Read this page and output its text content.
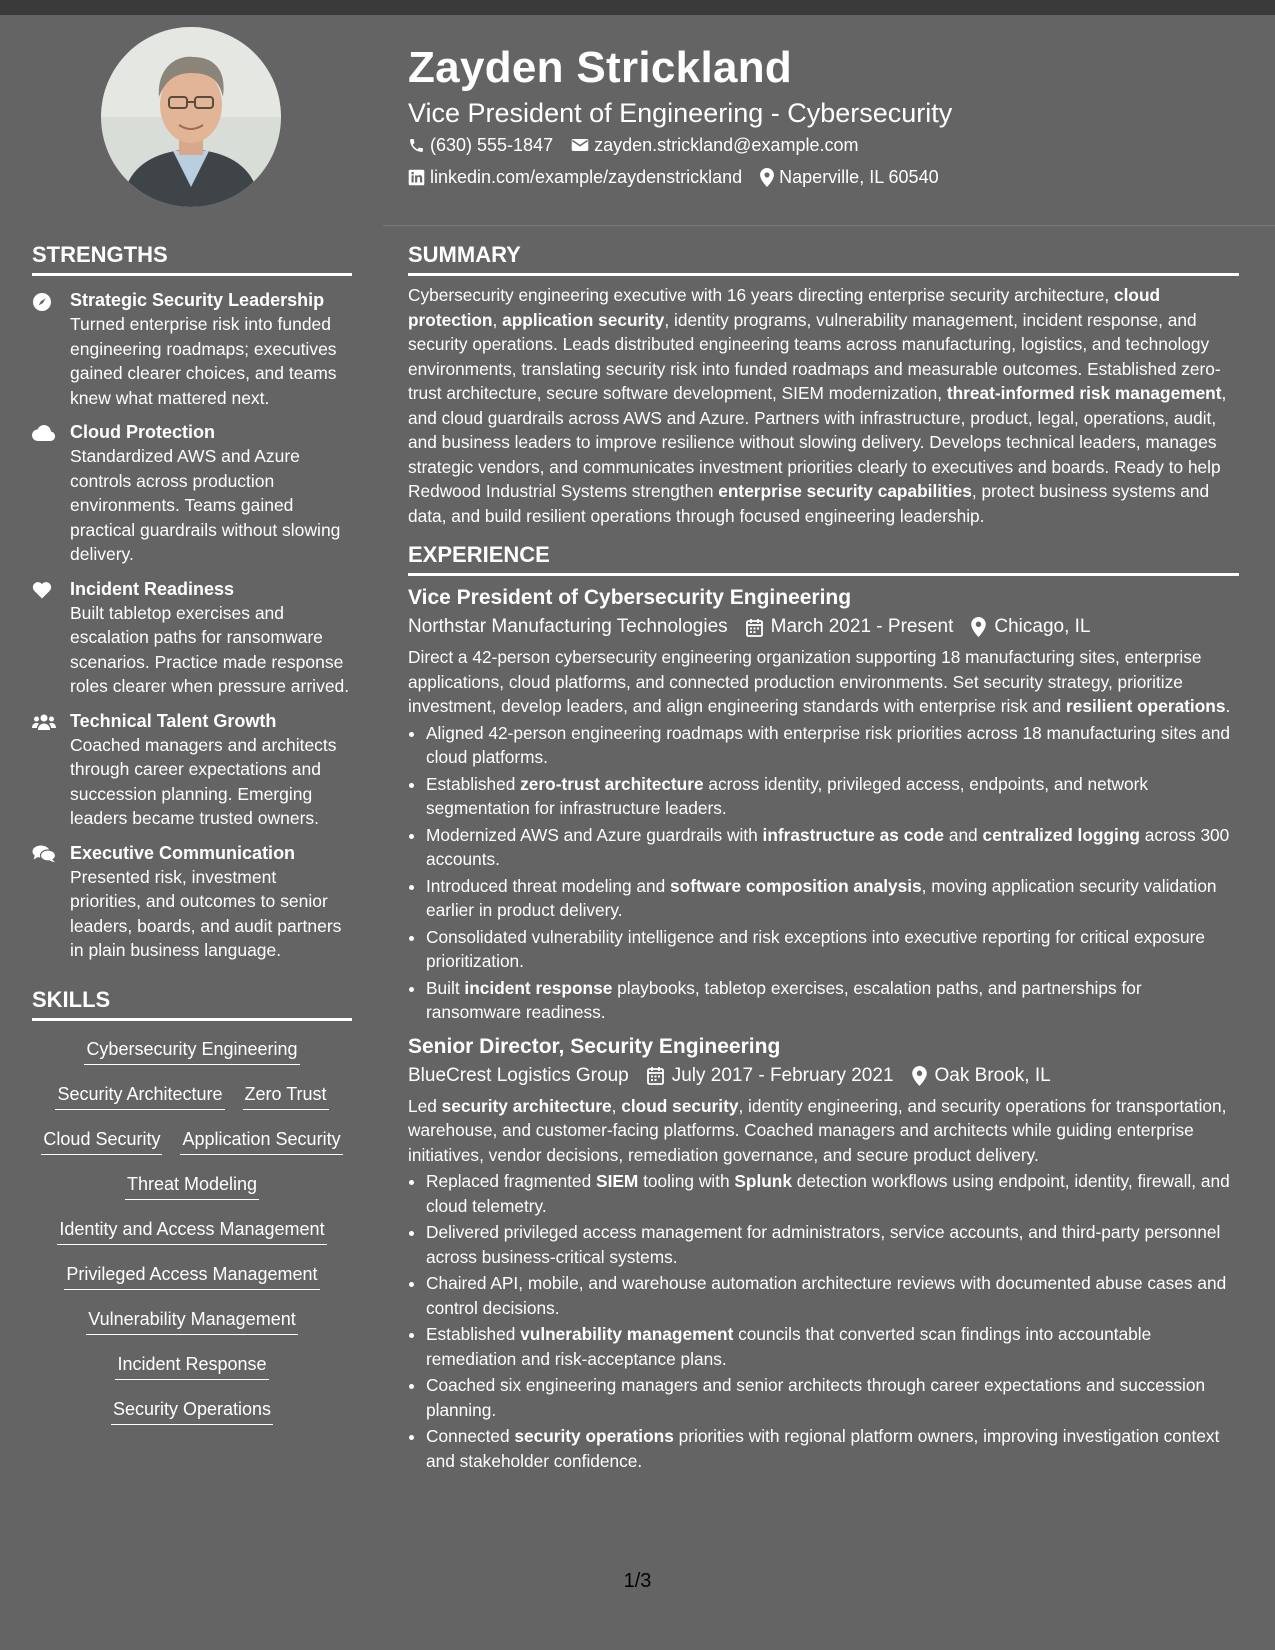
Zayden Strickland
Vice President of Engineering - Cybersecurity
(630) 555-1847 zayden.strickland@example.com
linkedin.com/example/zaydenstrickland Naperville, IL 60540
STRENGTHS
Strategic Security Leadership
Turned enterprise risk into funded engineering roadmaps; executives gained clearer choices, and teams knew what mattered next.
Cloud Protection
Standardized AWS and Azure controls across production environments. Teams gained practical guardrails without slowing delivery.
Incident Readiness
Built tabletop exercises and escalation paths for ransomware scenarios. Practice made response roles clearer when pressure arrived.
Technical Talent Growth
Coached managers and architects through career expectations and succession planning. Emerging leaders became trusted owners.
Executive Communication
Presented risk, investment priorities, and outcomes to senior leaders, boards, and audit partners in plain business language.
SKILLS
Cybersecurity Engineering
Security Architecture Zero Trust
Cloud Security Application Security
Threat Modeling
Identity and Access Management
Privileged Access Management
Vulnerability Management
Incident Response
Security Operations
SUMMARY
Cybersecurity engineering executive with 16 years directing enterprise security architecture, cloud protection, application security, identity programs, vulnerability management, incident response, and security operations. Leads distributed engineering teams across manufacturing, logistics, and technology environments, translating security risk into funded roadmaps and measurable outcomes. Established zero-trust architecture, secure software development, SIEM modernization, threat-informed risk management, and cloud guardrails across AWS and Azure. Partners with infrastructure, product, legal, operations, audit, and business leaders to improve resilience without slowing delivery. Develops technical leaders, manages strategic vendors, and communicates investment priorities clearly to executives and boards. Ready to help Redwood Industrial Systems strengthen enterprise security capabilities, protect business systems and data, and build resilient operations through focused engineering leadership.
EXPERIENCE
Vice President of Cybersecurity Engineering
Northstar Manufacturing Technologies March 2021 - Present Chicago, IL
Direct a 42-person cybersecurity engineering organization supporting 18 manufacturing sites, enterprise applications, cloud platforms, and connected production environments. Set security strategy, prioritize investment, develop leaders, and align engineering standards with enterprise risk and resilient operations.
• Aligned 42-person engineering roadmaps with enterprise risk priorities across 18 manufacturing sites and cloud platforms.
• Established zero-trust architecture across identity, privileged access, endpoints, and network segmentation for infrastructure leaders.
• Modernized AWS and Azure guardrails with infrastructure as code and centralized logging across 300 accounts.
• Introduced threat modeling and software composition analysis, moving application security validation earlier in product delivery.
• Consolidated vulnerability intelligence and risk exceptions into executive reporting for critical exposure prioritization.
• Built incident response playbooks, tabletop exercises, escalation paths, and partnerships for ransomware readiness.
Senior Director, Security Engineering
BlueCrest Logistics Group July 2017 - February 2021 Oak Brook, IL
Led security architecture, cloud security, identity engineering, and security operations for transportation, warehouse, and customer-facing platforms. Coached managers and architects while guiding enterprise initiatives, vendor decisions, remediation governance, and secure product delivery.
• Replaced fragmented SIEM tooling with Splunk detection workflows using endpoint, identity, firewall, and cloud telemetry.
• Delivered privileged access management for administrators, service accounts, and third-party personnel across business-critical systems.
• Chaired API, mobile, and warehouse automation architecture reviews with documented abuse cases and control decisions.
• Established vulnerability management councils that converted scan findings into accountable remediation and risk-acceptance plans.
• Coached six engineering managers and senior architects through career expectations and succession planning.
• Connected security operations priorities with regional platform owners, improving investigation context and stakeholder confidence.
1/3
